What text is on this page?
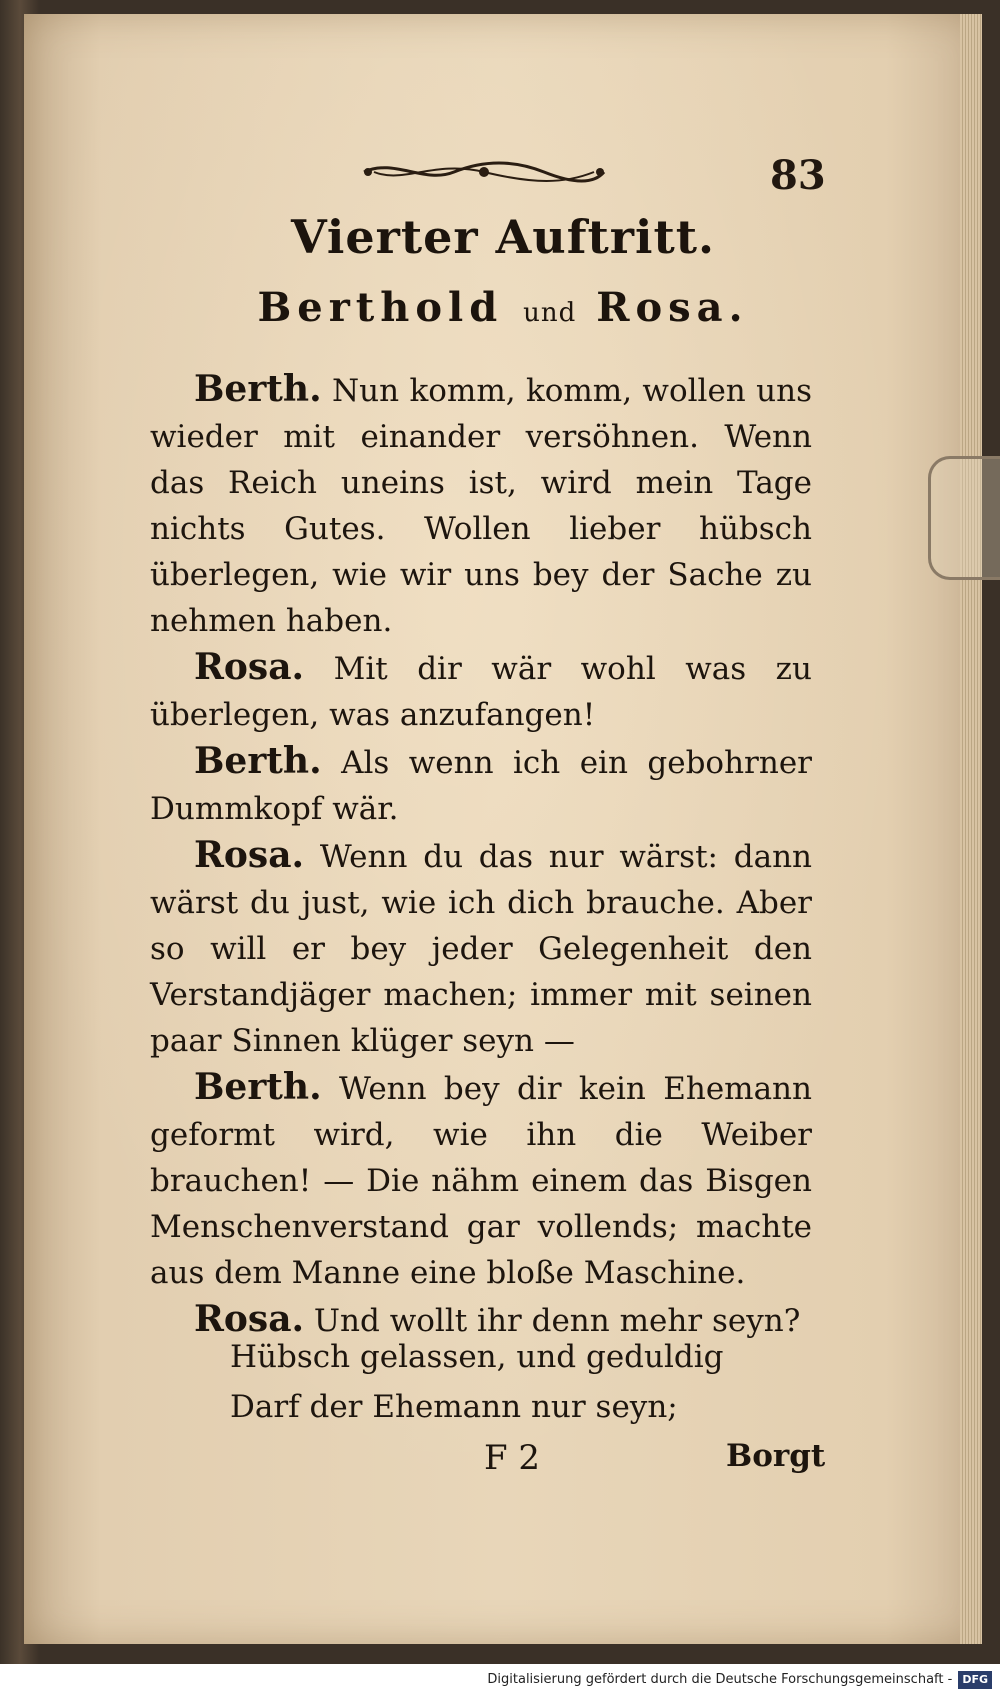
83
Vierter Auftritt.
Berthold und Rosa.

Berth. Nun komm, komm, wollen uns wieder mit einander versöhnen. Wenn das Reich uneins ist, wird mein Tage nichts Gutes. Wollen lieber hübsch überlegen, wie wir uns bey der Sache zu nehmen haben.

Rosa. Mit dir wär wohl was zu überlegen, was anzufangen!

Berth. Als wenn ich ein gebohrner Dummkopf wär.

Rosa. Wenn du das nur wärst: dann wärst du just, wie ich dich brauche. Aber so will er bey jeder Gelegenheit den Verstandjäger machen; immer mit seinen paar Sinnen klüger seyn —

Berth. Wenn bey dir kein Ehemann geformt wird, wie ihn die Weiber brauchen! — Die nähm einem das Bisgen Menschenverstand gar vollends; machte aus dem Manne eine bloße Maschine.

Rosa. Und wollt ihr denn mehr seyn?

Hübsch gelassen, und geduldig
Darf der Ehemann nur seyn;
F 2	Borgt
Digitalisierung gefördert durch die Deutsche Forschungsgemeinschaft - DFG
